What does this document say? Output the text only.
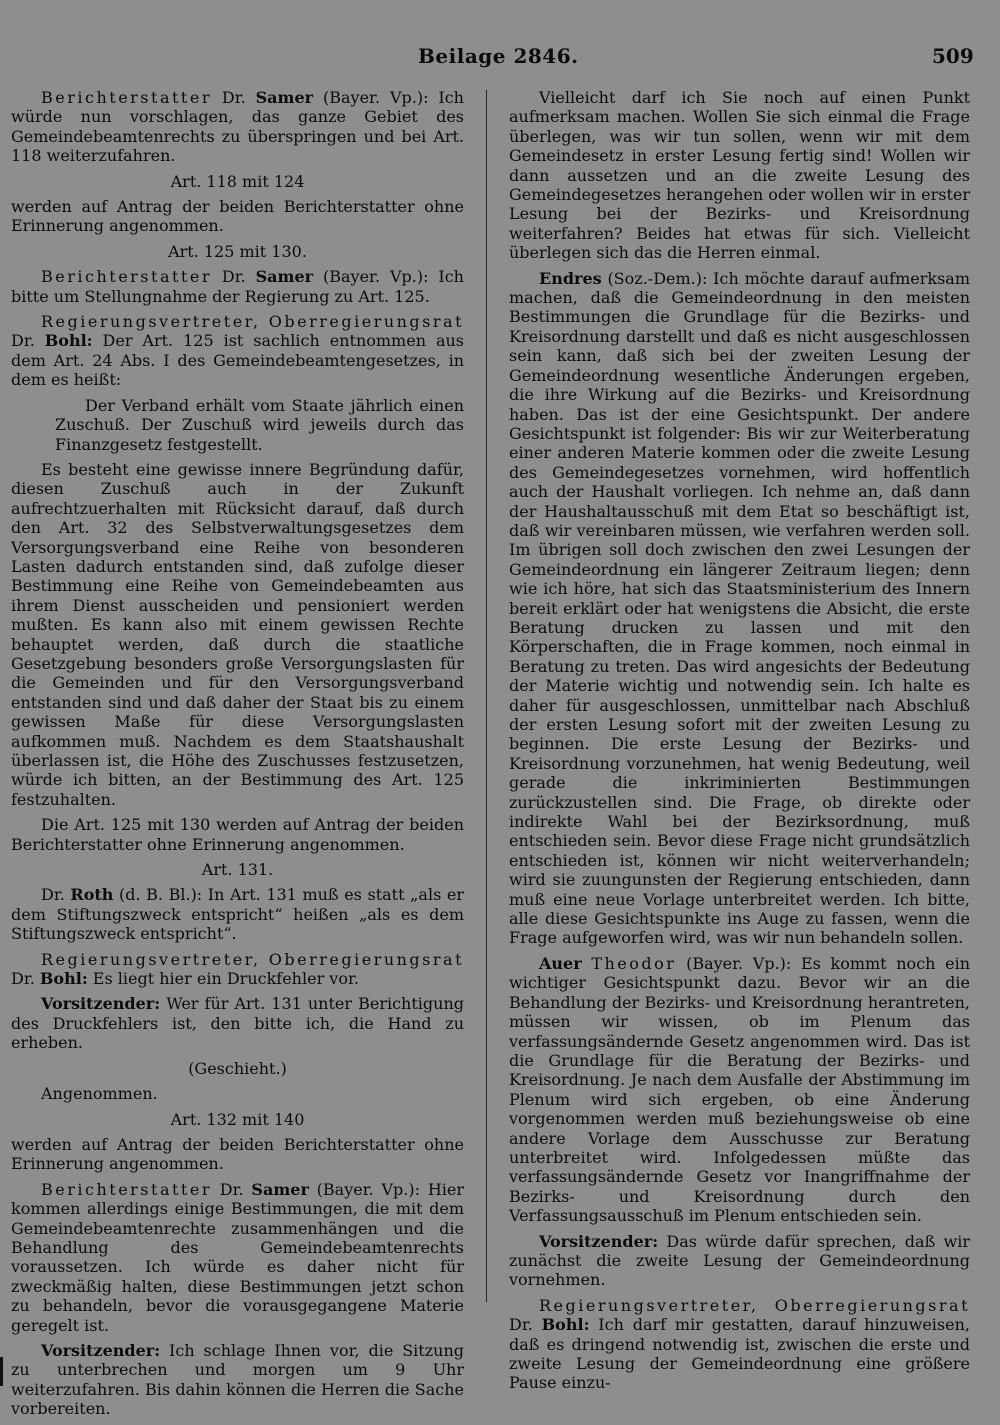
Beilage 2846.	509

Berichterstatter Dr. Samer (Bayer. Vp.): Ich würde nun vorschlagen, das ganze Gebiet des Gemeindebeamtenrechts zu überspringen und bei Art. 118 weiterzufahren.

Art. 118 mit 124

werden auf Antrag der beiden Berichterstatter ohne Erinnerung angenommen.

Art. 125 mit 130.

Berichterstatter Dr. Samer (Bayer. Vp.): Ich bitte um Stellungnahme der Regierung zu Art. 125.

Regierungsvertreter, Oberregierungsrat Dr. Bohl: Der Art. 125 ist sachlich entnommen aus dem Art. 24 Abs. I des Gemeindebeamtengesetzes, in dem es heißt:

Der Verband erhält vom Staate jährlich einen Zuschuß. Der Zuschuß wird jeweils durch das Finanzgesetz festgestellt.

Es besteht eine gewisse innere Begründung dafür, diesen Zuschuß auch in der Zukunft aufrechtzuerhalten mit Rücksicht darauf, daß durch den Art. 32 des Selbstverwaltungsgesetzes dem Versorgungsverband eine Reihe von besonderen Lasten dadurch entstanden sind, daß zufolge dieser Bestimmung eine Reihe von Gemeindebeamten aus ihrem Dienst ausscheiden und pensioniert werden mußten. Es kann also mit einem gewissen Rechte behauptet werden, daß durch die staatliche Gesetzgebung besonders große Versorgungslasten für die Gemeinden und für den Versorgungsverband entstanden sind und daß daher der Staat bis zu einem gewissen Maße für diese Versorgungslasten aufkommen muß. Nachdem es dem Staatshaushalt überlassen ist, die Höhe des Zuschusses festzusetzen, würde ich bitten, an der Bestimmung des Art. 125 festzuhalten.

Die Art. 125 mit 130 werden auf Antrag der beiden Berichterstatter ohne Erinnerung angenommen.

Art. 131.

Dr. Roth (d. B. Bl.): In Art. 131 muß es statt „als er dem Stiftungszweck entspricht“ heißen „als es dem Stiftungszweck entspricht“.

Regierungsvertreter, Oberregierungsrat Dr. Bohl: Es liegt hier ein Druckfehler vor.

Vorsitzender: Wer für Art. 131 unter Berichtigung des Druckfehlers ist, den bitte ich, die Hand zu erheben.

(Geschieht.)

Angenommen.

Art. 132 mit 140

werden auf Antrag der beiden Berichterstatter ohne Erinnerung angenommen.

Berichterstatter Dr. Samer (Bayer. Vp.): Hier kommen allerdings einige Bestimmungen, die mit dem Gemeindebeamtenrechte zusammenhängen und die Behandlung des Gemeindebeamtenrechts voraussetzen. Ich würde es daher nicht für zweckmäßig halten, diese Bestimmungen jetzt schon zu behandeln, bevor die vorausgegangene Materie geregelt ist.

Vorsitzender: Ich schlage Ihnen vor, die Sitzung zu unterbrechen und morgen um 9 Uhr weiterzufahren. Bis dahin können die Herren die Sache vorbereiten.

Vielleicht darf ich Sie noch auf einen Punkt aufmerksam machen. Wollen Sie sich einmal die Frage überlegen, was wir tun sollen, wenn wir mit dem Gemeindesetz in erster Lesung fertig sind! Wollen wir dann aussetzen und an die zweite Lesung des Gemeindegesetzes herangehen oder wollen wir in erster Lesung bei der Bezirks- und Kreisordnung weiterfahren? Beides hat etwas für sich. Vielleicht überlegen sich das die Herren einmal.

Endres (Soz.-Dem.): Ich möchte darauf aufmerksam machen, daß die Gemeindeordnung in den meisten Bestimmungen die Grundlage für die Bezirks- und Kreisordnung darstellt und daß es nicht ausgeschlossen sein kann, daß sich bei der zweiten Lesung der Gemeindeordnung wesentliche Änderungen ergeben, die ihre Wirkung auf die Bezirks- und Kreisordnung haben. Das ist der eine Gesichtspunkt. Der andere Gesichtspunkt ist folgender: Bis wir zur Weiterberatung einer anderen Materie kommen oder die zweite Lesung des Gemeindegesetzes vornehmen, wird hoffentlich auch der Haushalt vorliegen. Ich nehme an, daß dann der Haushaltausschuß mit dem Etat so beschäftigt ist, daß wir vereinbaren müssen, wie verfahren werden soll. Im übrigen soll doch zwischen den zwei Lesungen der Gemeindeordnung ein längerer Zeitraum liegen; denn wie ich höre, hat sich das Staatsministerium des Innern bereit erklärt oder hat wenigstens die Absicht, die erste Beratung drucken zu lassen und mit den Körperschaften, die in Frage kommen, noch einmal in Beratung zu treten. Das wird angesichts der Bedeutung der Materie wichtig und notwendig sein. Ich halte es daher für ausgeschlossen, unmittelbar nach Abschluß der ersten Lesung sofort mit der zweiten Lesung zu beginnen. Die erste Lesung der Bezirks- und Kreisordnung vorzunehmen, hat wenig Bedeutung, weil gerade die inkriminierten Bestimmungen zurückzustellen sind. Die Frage, ob direkte oder indirekte Wahl bei der Bezirksordnung, muß entschieden sein. Bevor diese Frage nicht grundsätzlich entschieden ist, können wir nicht weiterverhandeln; wird sie zuungunsten der Regierung entschieden, dann muß eine neue Vorlage unterbreitet werden. Ich bitte, alle diese Gesichtspunkte ins Auge zu fassen, wenn die Frage aufgeworfen wird, was wir nun behandeln sollen.

Auer Theodor (Bayer. Vp.): Es kommt noch ein wichtiger Gesichtspunkt dazu. Bevor wir an die Behandlung der Bezirks- und Kreisordnung herantreten, müssen wir wissen, ob im Plenum das verfassungsändernde Gesetz angenommen wird. Das ist die Grundlage für die Beratung der Bezirks- und Kreisordnung. Je nach dem Ausfalle der Abstimmung im Plenum wird sich ergeben, ob eine Änderung vorgenommen werden muß beziehungsweise ob eine andere Vorlage dem Ausschusse zur Beratung unterbreitet wird. Infolgedessen müßte das verfassungsändernde Gesetz vor Inangriffnahme der Bezirks- und Kreisordnung durch den Verfassungsausschuß im Plenum entschieden sein.

Vorsitzender: Das würde dafür sprechen, daß wir zunächst die zweite Lesung der Gemeindeordnung vornehmen.

Regierungsvertreter, Oberregierungsrat Dr. Bohl: Ich darf mir gestatten, darauf hinzuweisen, daß es dringend notwendig ist, zwischen die erste und zweite Lesung der Gemeindeordnung eine größere Pause einzu-
